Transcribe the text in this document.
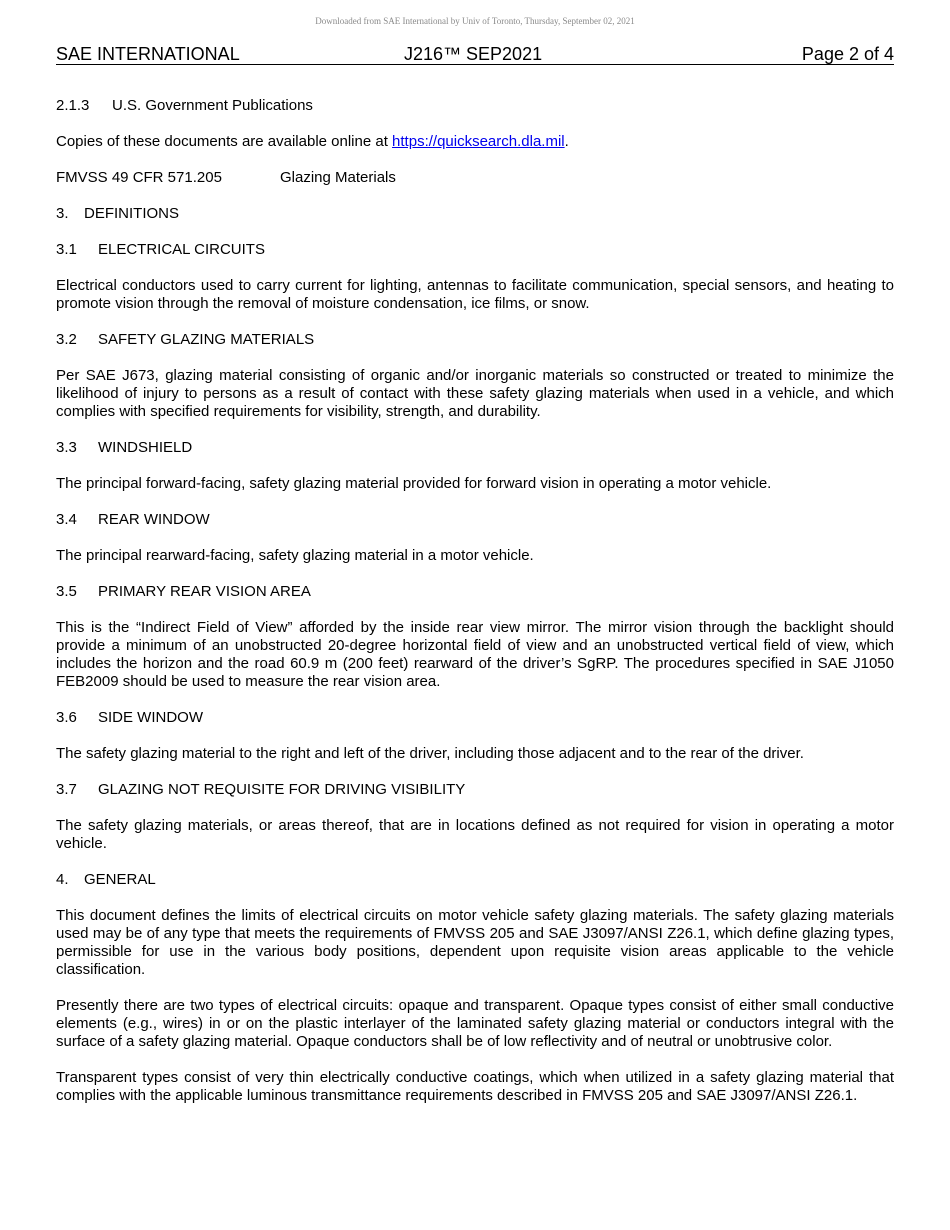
Downloaded from SAE International by Univ of Toronto, Thursday, September 02, 2021
SAE INTERNATIONAL	J216™ SEP2021	Page 2 of 4
2.1.3 U.S. Government Publications

Copies of these documents are available online at https://quicksearch.dla.mil.

FMVSS 49 CFR 571.205	Glazing Materials
3. DEFINITIONS
3.1 ELECTRICAL CIRCUITS

Electrical conductors used to carry current for lighting, antennas to facilitate communication, special sensors, and heating to promote vision through the removal of moisture condensation, ice films, or snow.

3.2 SAFETY GLAZING MATERIALS

Per SAE J673, glazing material consisting of organic and/or inorganic materials so constructed or treated to minimize the likelihood of injury to persons as a result of contact with these safety glazing materials when used in a vehicle, and which complies with specified requirements for visibility, strength, and durability.

3.3 WINDSHIELD

The principal forward-facing, safety glazing material provided for forward vision in operating a motor vehicle.

3.4 REAR WINDOW

The principal rearward-facing, safety glazing material in a motor vehicle.

3.5 PRIMARY REAR VISION AREA

This is the “Indirect Field of View” afforded by the inside rear view mirror. The mirror vision through the backlight should provide a minimum of an unobstructed 20-degree horizontal field of view and an unobstructed vertical field of view, which includes the horizon and the road 60.9 m (200 feet) rearward of the driver’s SgRP. The procedures specified in SAE J1050 FEB2009 should be used to measure the rear vision area.

3.6 SIDE WINDOW

The safety glazing material to the right and left of the driver, including those adjacent and to the rear of the driver.

3.7 GLAZING NOT REQUISITE FOR DRIVING VISIBILITY

The safety glazing materials, or areas thereof, that are in locations defined as not required for vision in operating a motor vehicle.

4. GENERAL

This document defines the limits of electrical circuits on motor vehicle safety glazing materials. The safety glazing materials used may be of any type that meets the requirements of FMVSS 205 and SAE J3097/ANSI Z26.1, which define glazing types, permissible for use in the various body positions, dependent upon requisite vision areas applicable to the vehicle classification.

Presently there are two types of electrical circuits: opaque and transparent. Opaque types consist of either small conductive elements (e.g., wires) in or on the plastic interlayer of the laminated safety glazing material or conductors integral with the surface of a safety glazing material. Opaque conductors shall be of low reflectivity and of neutral or unobtrusive color.

Transparent types consist of very thin electrically conductive coatings, which when utilized in a safety glazing material that complies with the applicable luminous transmittance requirements described in FMVSS 205 and SAE J3097/ANSI Z26.1.
